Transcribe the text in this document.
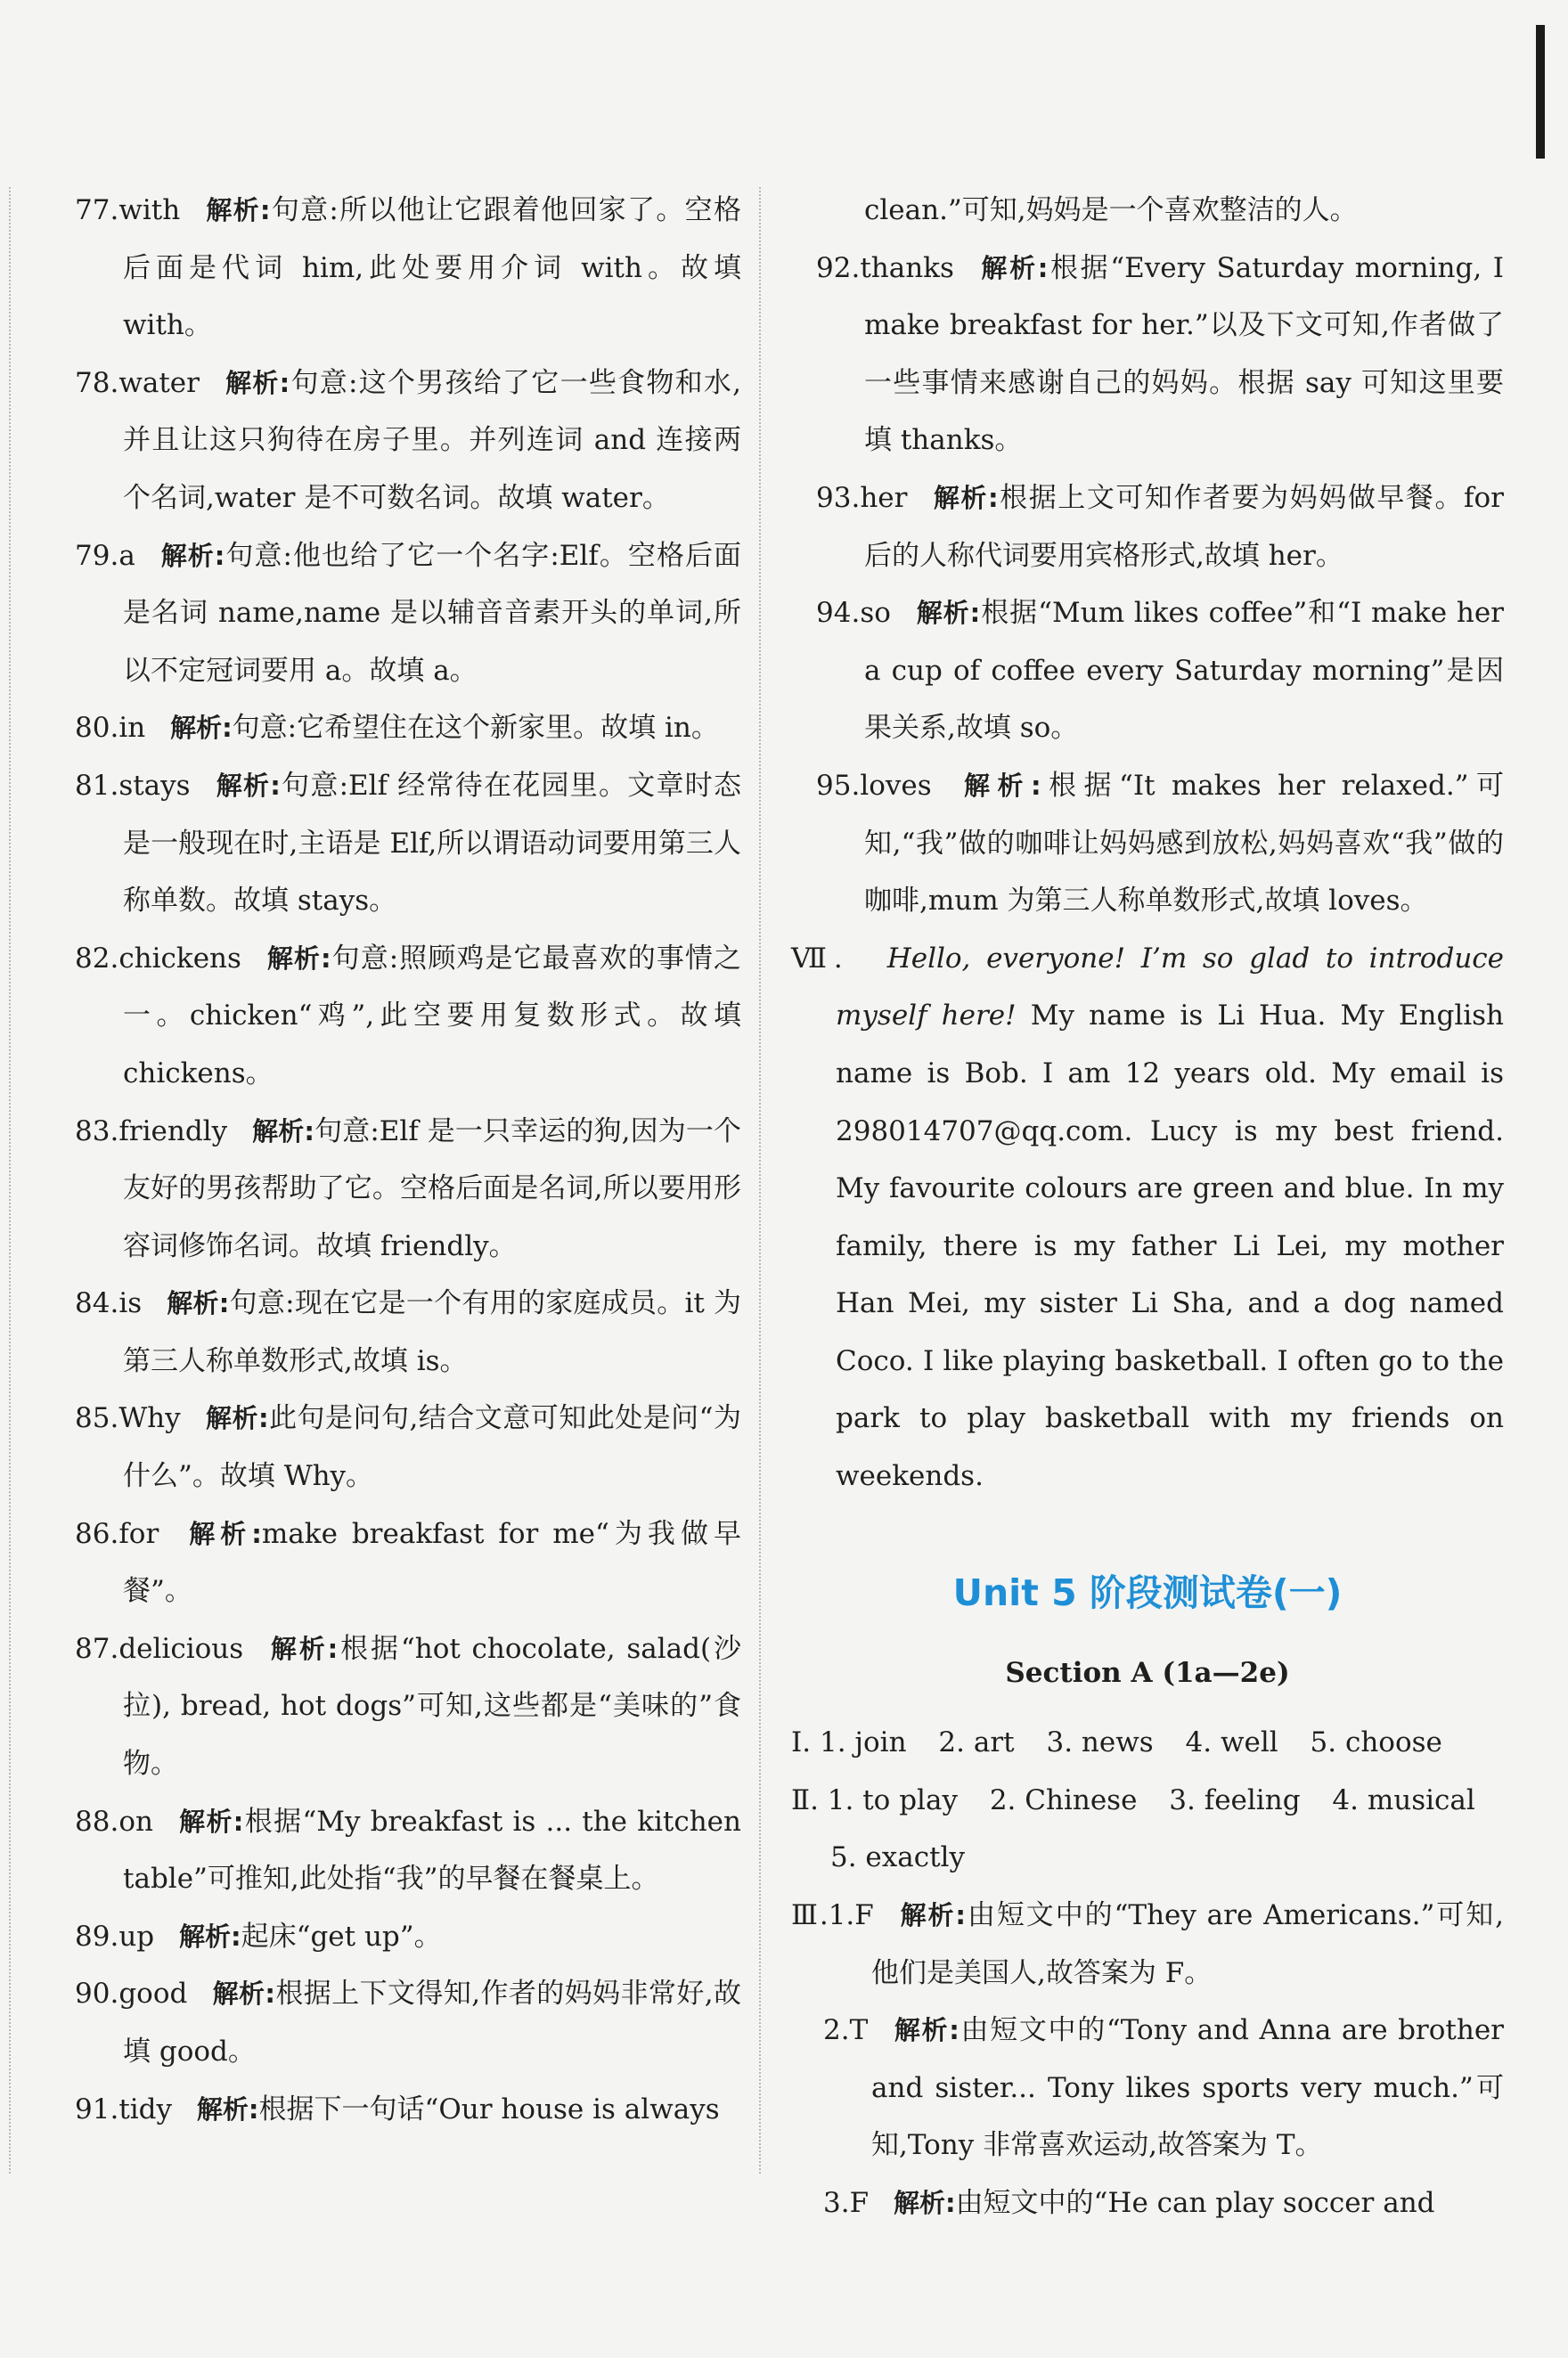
77.with 解析:句意:所以他让它跟着他回家了。空格后面是代词 him,此处要用介词 with。故填 with。

78.water 解析:句意:这个男孩给了它一些食物和水,并且让这只狗待在房子里。并列连词 and 连接两个名词,water 是不可数名词。故填 water。

79.a 解析:句意:他也给了它一个名字:Elf。空格后面是名词 name,name 是以辅音音素开头的单词,所以不定冠词要用 a。故填 a。

80.in 解析:句意:它希望住在这个新家里。故填 in。

81.stays 解析:句意:Elf 经常待在花园里。文章时态是一般现在时,主语是 Elf,所以谓语动词要用第三人称单数。故填 stays。

82.chickens 解析:句意:照顾鸡是它最喜欢的事情之一。chicken“鸡”,此空要用复数形式。故填 chickens。

83.friendly 解析:句意:Elf 是一只幸运的狗,因为一个友好的男孩帮助了它。空格后面是名词,所以要用形容词修饰名词。故填 friendly。

84.is 解析:句意:现在它是一个有用的家庭成员。it 为第三人称单数形式,故填 is。

85.Why 解析:此句是问句,结合文意可知此处是问“为什么”。故填 Why。

86.for 解析:make breakfast for me“为我做早餐”。

87.delicious 解析:根据“hot chocolate, salad(沙拉), bread, hot dogs”可知,这些都是“美味的”食物。

88.on 解析:根据“My breakfast is ... the kitchen table”可推知,此处指“我”的早餐在餐桌上。

89.up 解析:起床“get up”。

90.good 解析:根据上下文得知,作者的妈妈非常好,故填 good。

91.tidy 解析:根据下一句话“Our house is always

clean.”可知,妈妈是一个喜欢整洁的人。

92.thanks 解析:根据“Every Saturday morning, I make breakfast for her.”以及下文可知,作者做了一些事情来感谢自己的妈妈。根据 say 可知这里要填 thanks。

93.her 解析:根据上文可知作者要为妈妈做早餐。for 后的人称代词要用宾格形式,故填 her。

94.so 解析:根据“Mum likes coffee”和“I make her a cup of coffee every Saturday morning”是因果关系,故填 so。

95.loves 解析:根据“It makes her relaxed.”可知,“我”做的咖啡让妈妈感到放松,妈妈喜欢“我”做的咖啡,mum 为第三人称单数形式,故填 loves。

Ⅶ. Hello, everyone! I’m so glad to introduce myself here! My name is Li Hua. My English name is Bob. I am 12 years old. My email is 298014707@qq.com. Lucy is my best friend. My favourite colours are green and blue. In my family, there is my father Li Lei, my mother Han Mei, my sister Li Sha, and a dog named Coco. I like playing basketball. I often go to the park to play basketball with my friends on weekends.

Unit 5 阶段测试卷(一)
Section A (1a—2e)

Ⅰ. 1. join 2. art 3. news 4. well 5. choose

Ⅱ. 1. to play 2. Chinese 3. feeling 4. musical

5. exactly

Ⅲ.1.F 解析:由短文中的“They are Americans.”可知,他们是美国人,故答案为 F。

2.T 解析:由短文中的“Tony and Anna are brother and sister... Tony likes sports very much.”可知,Tony 非常喜欢运动,故答案为 T。

3.F 解析:由短文中的“He can play soccer and
